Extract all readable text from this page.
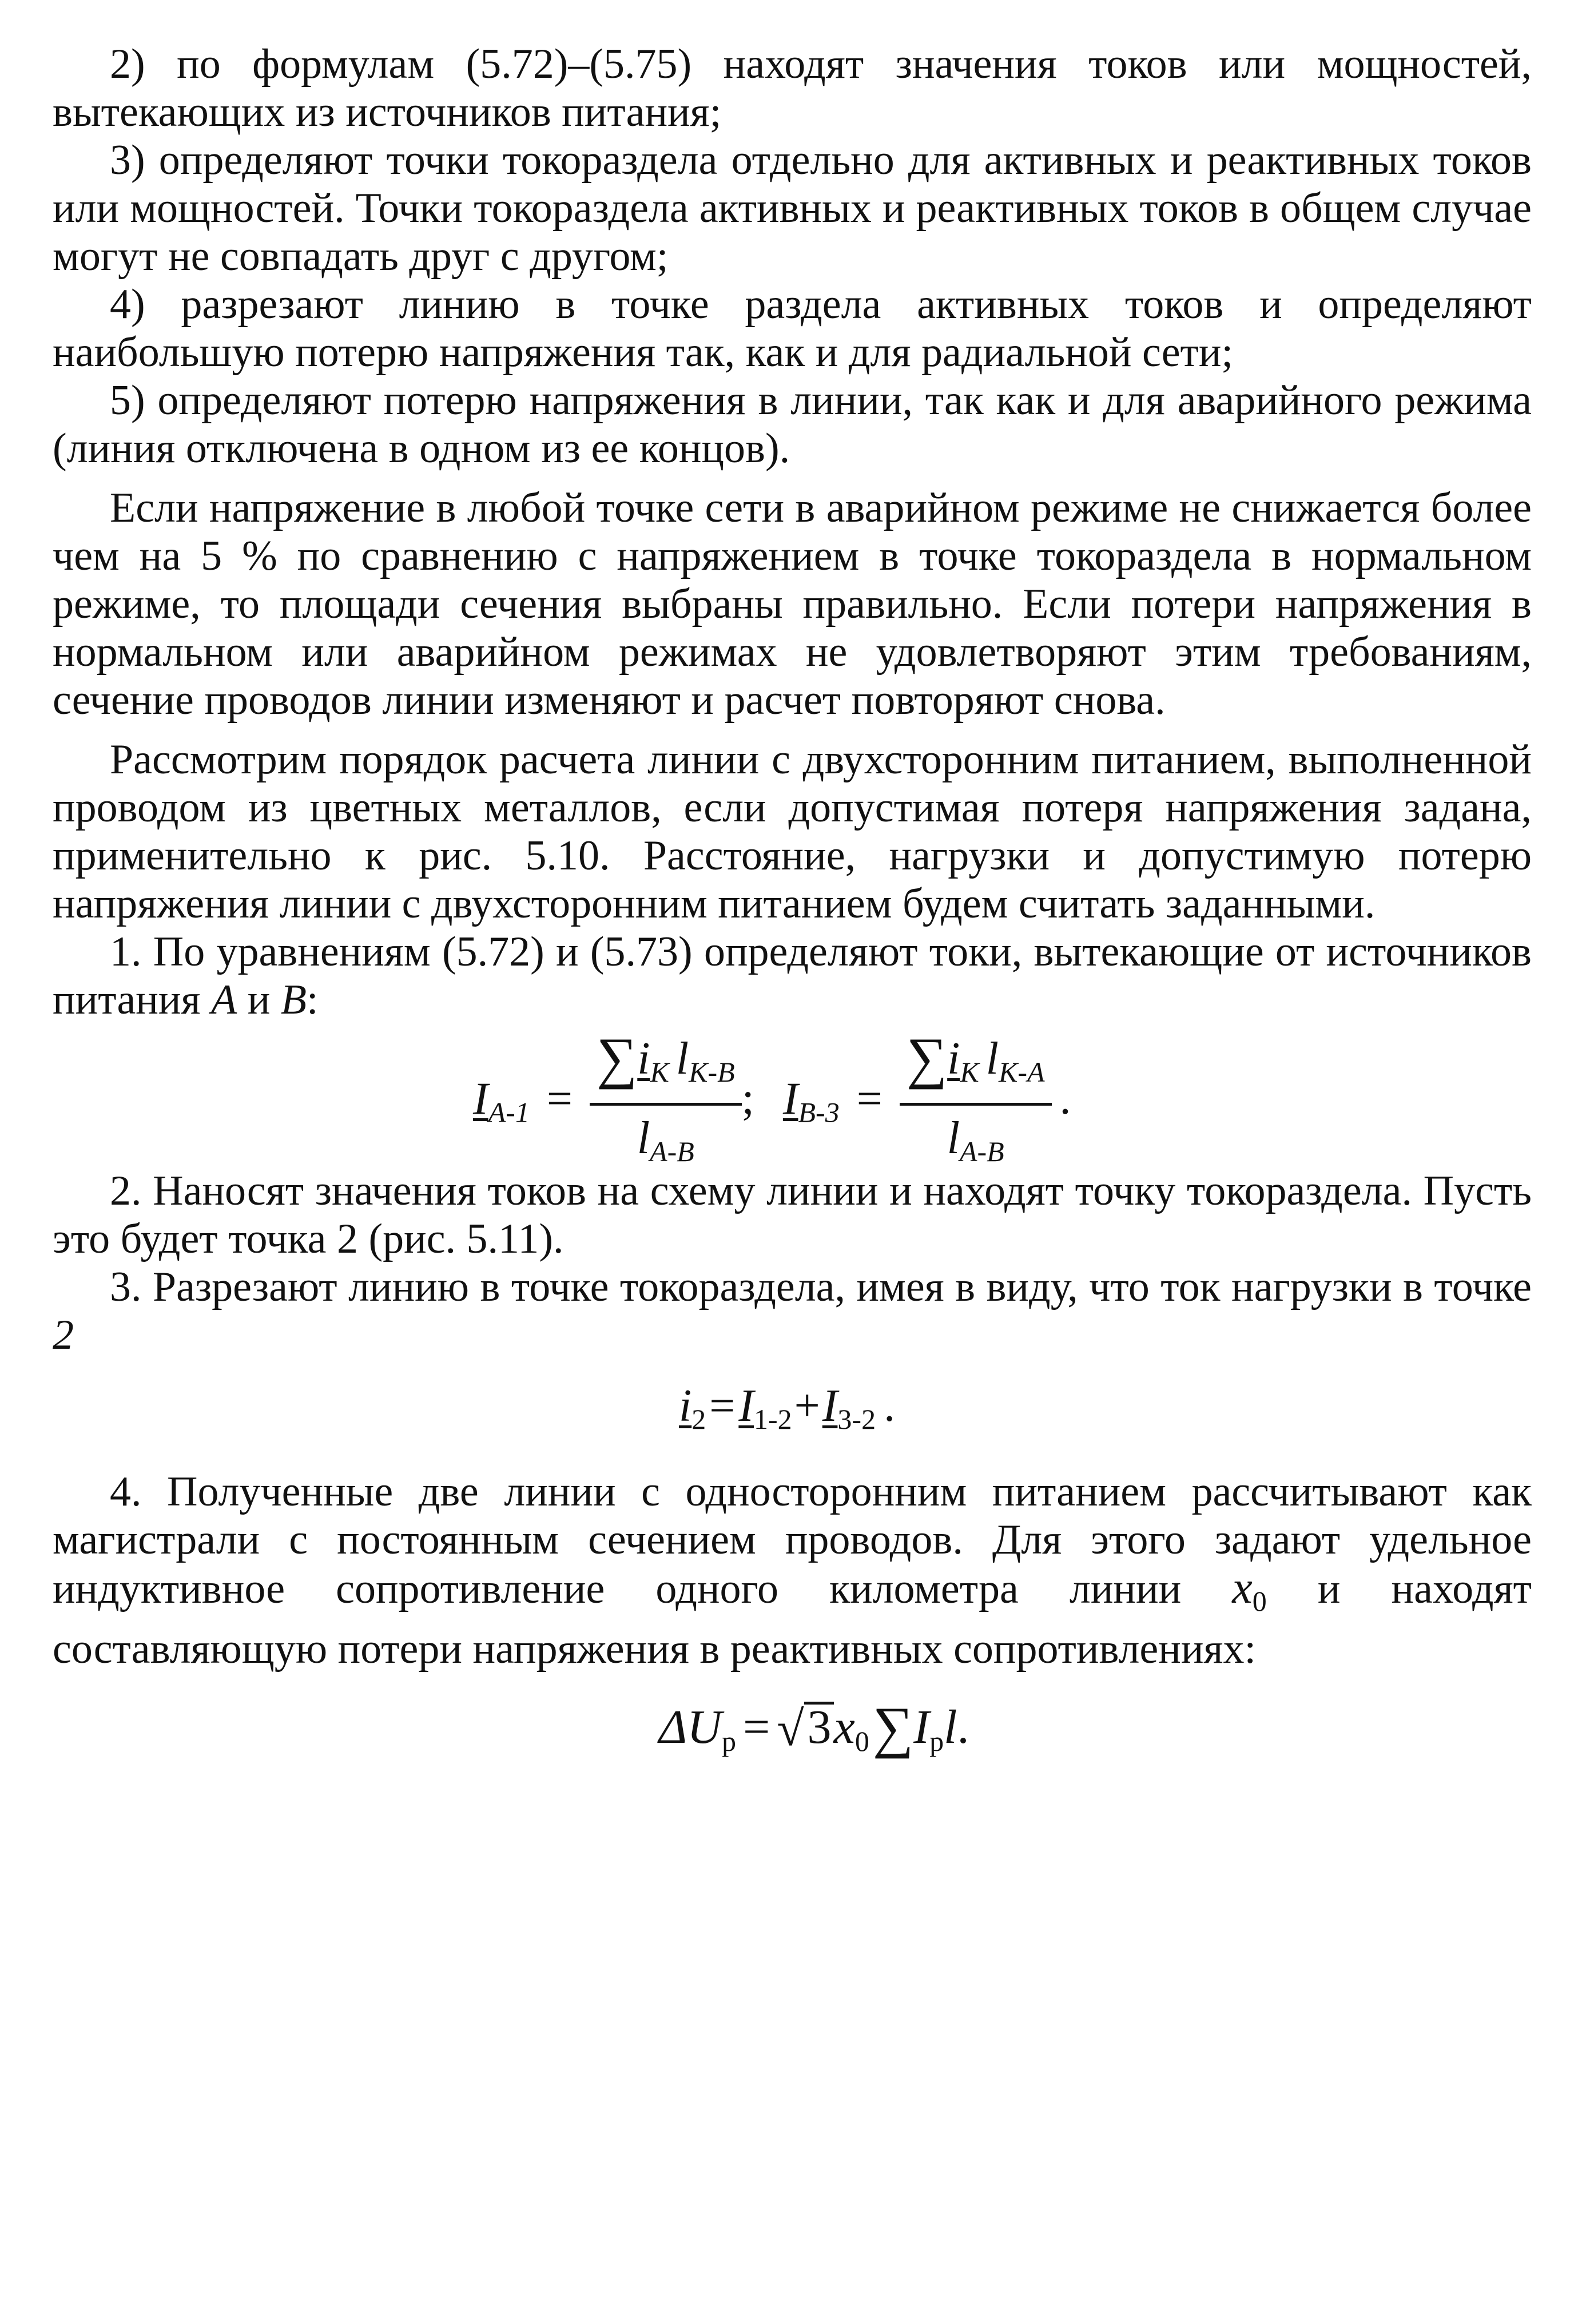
2) по формулам (5.72)–(5.75) находят значения токов или мощностей, вытекающих из источников питания;

3) определяют точки токораздела отдельно для активных и реактивных токов или мощностей. Точки токораздела активных и реактивных токов в общем случае могут не совпадать друг с другом;

4) разрезают линию в точке раздела активных токов и определяют наибольшую потерю напряжения так, как и для радиальной сети;

5) определяют потерю напряжения в линии, так как и для аварийного режима (линия отключена в одном из ее концов).

Если напряжение в любой точке сети в аварийном режиме не снижается более чем на 5 % по сравнению с напряжением в точке токораздела в нормальном режиме, то площади сечения выбраны правильно. Если потери напряжения в нормальном или аварийном режимах не удовлетворяют этим требованиям, сечение проводов линии изменяют и расчет повторяют снова.

Рассмотрим порядок расчета линии с двухсторонним питанием, выполненной проводом из цветных металлов, если допустимая потеря напряжения задана, применительно к рис. 5.10. Расстояние, нагрузки и допустимую потерю напряжения линии с двухсторонним питанием будем считать заданными.

1. По уравнениям (5.72) и (5.73) определяют токи, вытекающие от источников питания A и B:

$I_{A-1} = \frac{\sum i_K l_{K-B}}{l_{A-B}}$ ; $I_{B-3} = \frac{\sum i_K l_{K-A}}{l_{A-B}}$ .

2. Наносят значения токов на схему линии и находят точку токораздела. Пусть это будет точка 2 (рис. 5.11).

3. Разрезают линию в точке токораздела, имея в виду, что ток нагрузки в точке 2

$i_2=I_{1-2}+I_{3-2}$ .

4. Полученные две линии с односторонним питанием рассчитывают как магистрали с постоянным сечением проводов. Для этого задают удельное индуктивное сопротивление одного километра линии $x_0$ и находят составляющую потери напряжения в реактивных сопротивлениях:

$\Delta U_р = √3x_0\sum I_рl$.
